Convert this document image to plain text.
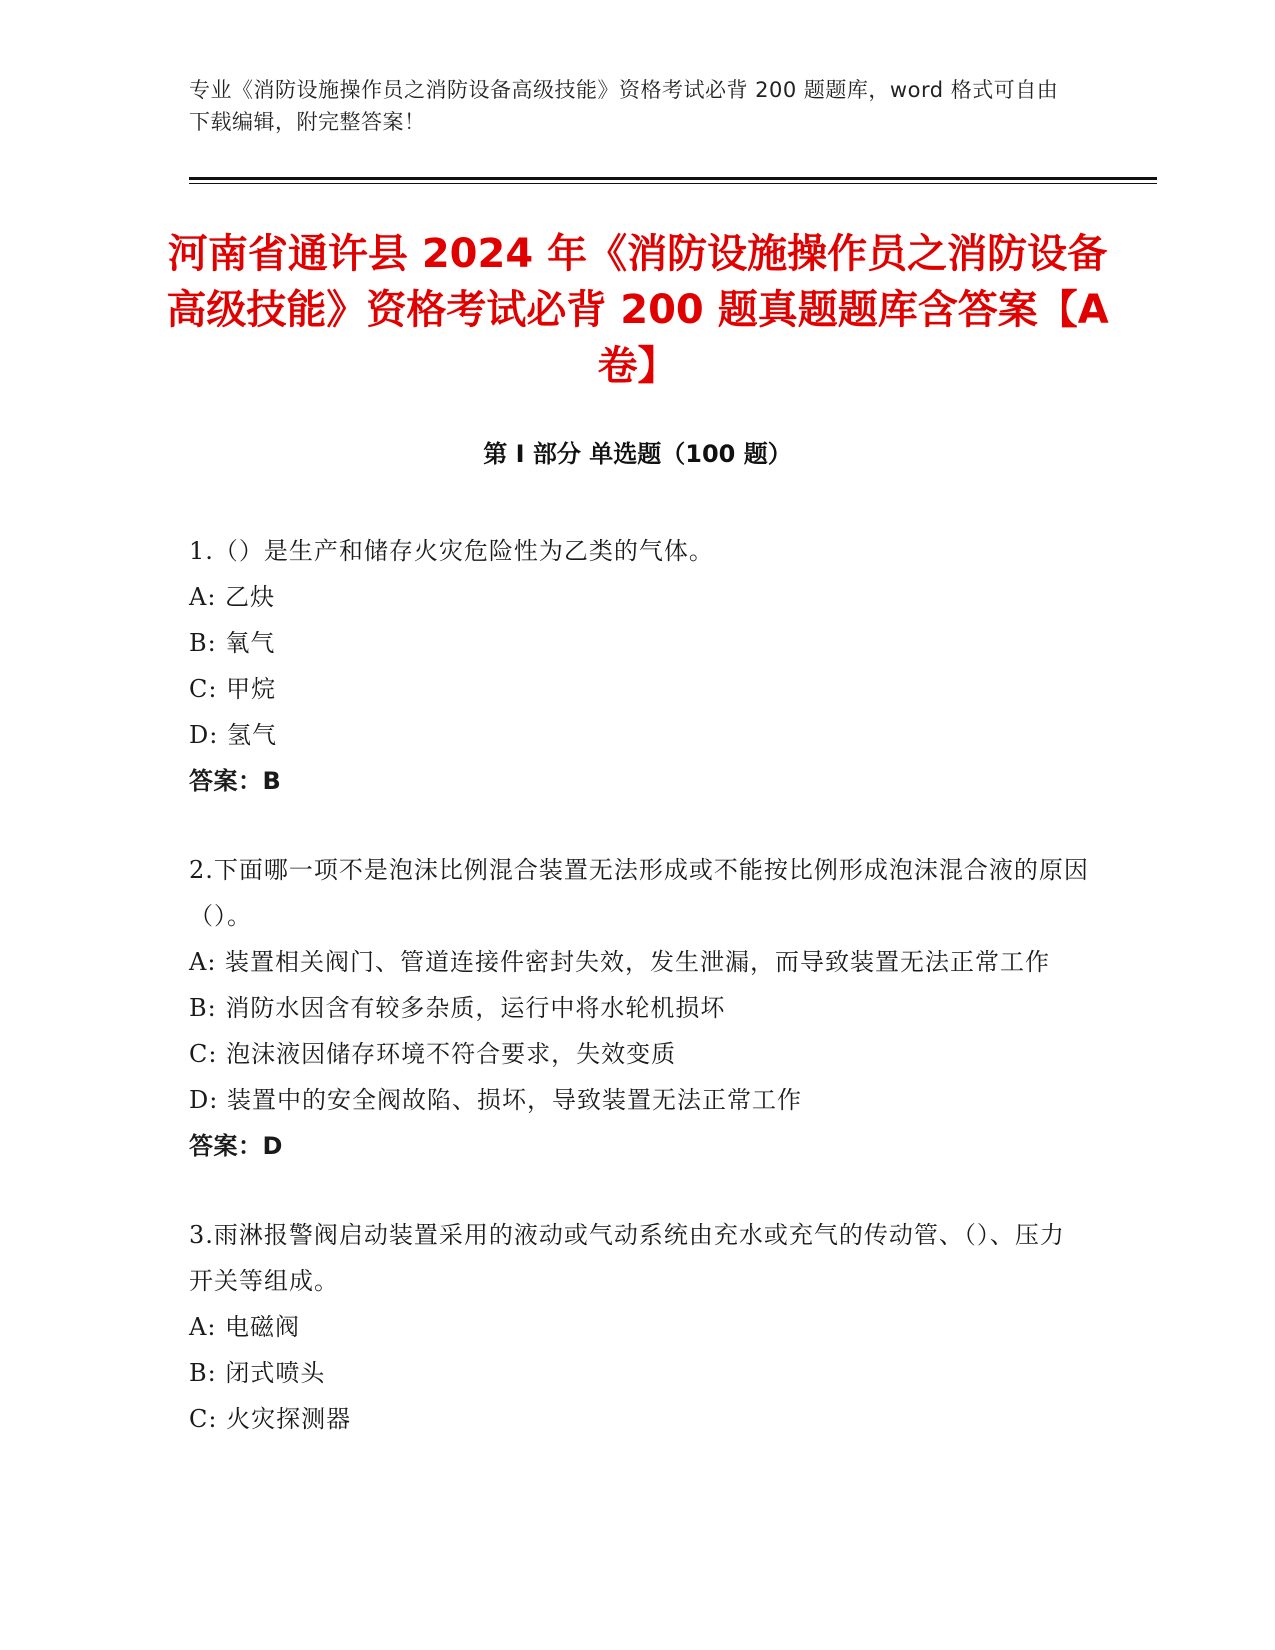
专业《消防设施操作员之消防设备高级技能》资格考试必背 200 题题库，word 格式可自由下载编辑，附完整答案！
河南省通许县 2024 年《消防设施操作员之消防设备高级技能》资格考试必背 200 题真题题库含答案【A 卷】
第 I 部分 单选题（100 题）
1.（）是生产和储存火灾危险性为乙类的气体。
A: 乙炔
B: 氧气
C: 甲烷
D: 氢气
答案：B
2.下面哪一项不是泡沫比例混合装置无法形成或不能按比例形成泡沫混合液的原因（）。
A: 装置相关阀门、管道连接件密封失效，发生泄漏，而导致装置无法正常工作
B: 消防水因含有较多杂质，运行中将水轮机损坏
C: 泡沫液因储存环境不符合要求，失效变质
D: 装置中的安全阀故陷、损坏，导致装置无法正常工作
答案：D
3.雨淋报警阀启动装置采用的液动或气动系统由充水或充气的传动管、（）、压力开关等组成。
A: 电磁阀
B: 闭式喷头
C: 火灾探测器
